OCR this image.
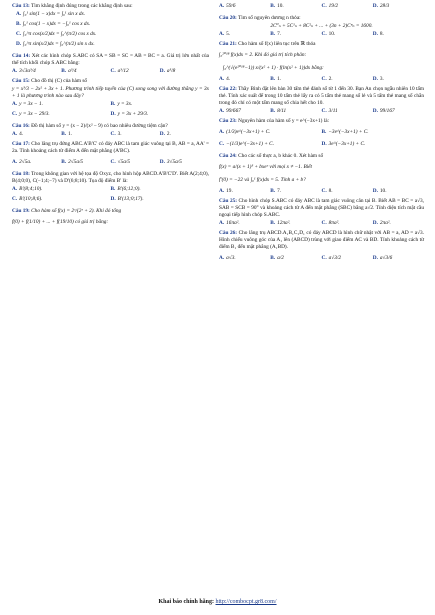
Câu 13: Tìm khẳng định đúng trong các khẳng định sau:
A. ∫₀¹ sin(1 − x)dx = ∫₀¹ sin x dx.
B. ∫₀¹ cos(1 − x)dx = −∫₀¹ cos x dx.
C. ∫₀^π cos(x/2)dx = ∫₀^(π/2) cos x dx.
D. ∫₀^π sin(x/2)dx = ∫₀^(π/2) sin x dx.
Câu 14: Xét các hình chóp S.ABC có SA = SB = SC = AB = BC = a. Giá trị lớn nhất của thể tích khối chóp S.ABC bằng:
A. 3√3a³/4	B. a³/4	C. a³/12	D. a³/8
Câu 15: Cho đồ thị (C) của hàm số
y = x³/3 − 2x² + 3x + 1. Phương trình tiếp tuyến của (C) song song với đường thẳng y = 3x + 1 là phương trình nào sau đây?
A. y = 3x − 1.	B. y = 3x.
C. y = 3x − 29/3.	D. y = 3x + 29/3.
Câu 16: Đồ thị hàm số y = (x − 2)/(x² − 9) có bao nhiêu đường tiệm cận?
A. 4.	B. 1.	C. 3.	D. 2.
Câu 17: Cho lăng trụ đứng ABC.A'B'C' có đáy ABC là tam giác vuông tại B, AB = a, AA' = 2a. Tính khoảng cách từ điểm A đến mặt phẳng (A'BC).
A. 2√5a.	B. 2√5a/5	C. √5a/5	D. 3√5a/5
Câu 18: Trong không gian với hệ tọa độ Oxyz, cho hình hộp ABCD.A'B'C'D'. Biết A(2;4;0), B(4;0;0), C(−1;4;−7) và D'(6;8;10). Tọa độ điểm B' là:
A. B'(8;4;10).	B. B'(6;12;0).
C. B'(10;8;6).	D. B'(13;0;17).
Câu 19: Cho hàm số f(x) = 2ˣ/(2ˣ + 2). Khi đó tổng
f(0) + f(1/10) + ... + f(19/10) có giá trị bằng:
A. 59/6	B. 10.	C. 19/2	D. 28/3
Câu 20: Tìm số nguyên dương n thỏa:
2C⁰ₙ + 5C¹ₙ + 8C²ₙ + ... + (3n + 2)Cⁿₙ = 1600.
A. 5.	B. 7.	C. 10.	D. 8.
Câu 21: Cho hàm số f(x) liên tục trên ℝ thỏa
∫₀²⁰¹⁸ f(x)dx = 2. Khi đó giá trị tích phân:
∫₀^(√(e²⁰¹⁸−1)) x/(x² + 1) · f(ln(x² + 1))dx bằng:
A. 4.	B. 1.	C. 2.	D. 3.
Câu 22: Thầy Bình đặt lên bàn 30 tấm thẻ đánh số từ 1 đến 30. Bạn An chọn ngẫu nhiên 10 tấm thẻ. Tính xác suất để trong 10 tấm thẻ lấy ra có 5 tấm thẻ mang số lẻ và 5 tấm thẻ mang số chẵn trong đó chỉ có một tấm mang số chia hết cho 10.
A. 99/667	B. 8/11	C. 3/11	D. 99/167
Câu 23: Nguyên hàm của hàm số y = e^(−3x+1) là:
A. (1/3)e^(−3x+1) + C.	B. −3e^(−3x+1) + C.
C. −(1/3)e^(−3x+1) + C.	D. 3e^(−3x+1) + C.
Câu 24: Cho các số thực a, b khác 0. Xét hàm số
f(x) = a/(x + 1)³ + bxeˣ với mọi x ≠ −1. Biết
f'(0) = −22 và ∫₀¹ f(x)dx = 5. Tính a + b?
A. 19.	B. 7.	C. 8.	D. 10.
Câu 25: Cho hình chóp S.ABC có đáy ABC là tam giác vuông cân tại B. Biết AB = BC = a√3, SAB = SCB = 90° và khoảng cách từ A đến mặt phẳng (SBC) bằng a√2. Tính diện tích mặt cầu ngoại tiếp hình chóp S.ABC.
A. 16πa².	B. 12πa².	C. 8πa².	D. 2πa².
Câu 26: Cho lăng trụ ABCD.A₁B₁C₁D₁ có đáy ABCD là hình chữ nhật với AB = a, AD = a√3. Hình chiếu vuông góc của A₁ lên (ABCD) trùng với giao điểm AC và BD. Tính khoảng cách từ điểm B₁ đến mặt phẳng (A₁BD).
A. a√3.	B. a/2	C. a√3/2	D. a√3/6
Khai báo chính hãng: http://combocpt.gr8.com/
